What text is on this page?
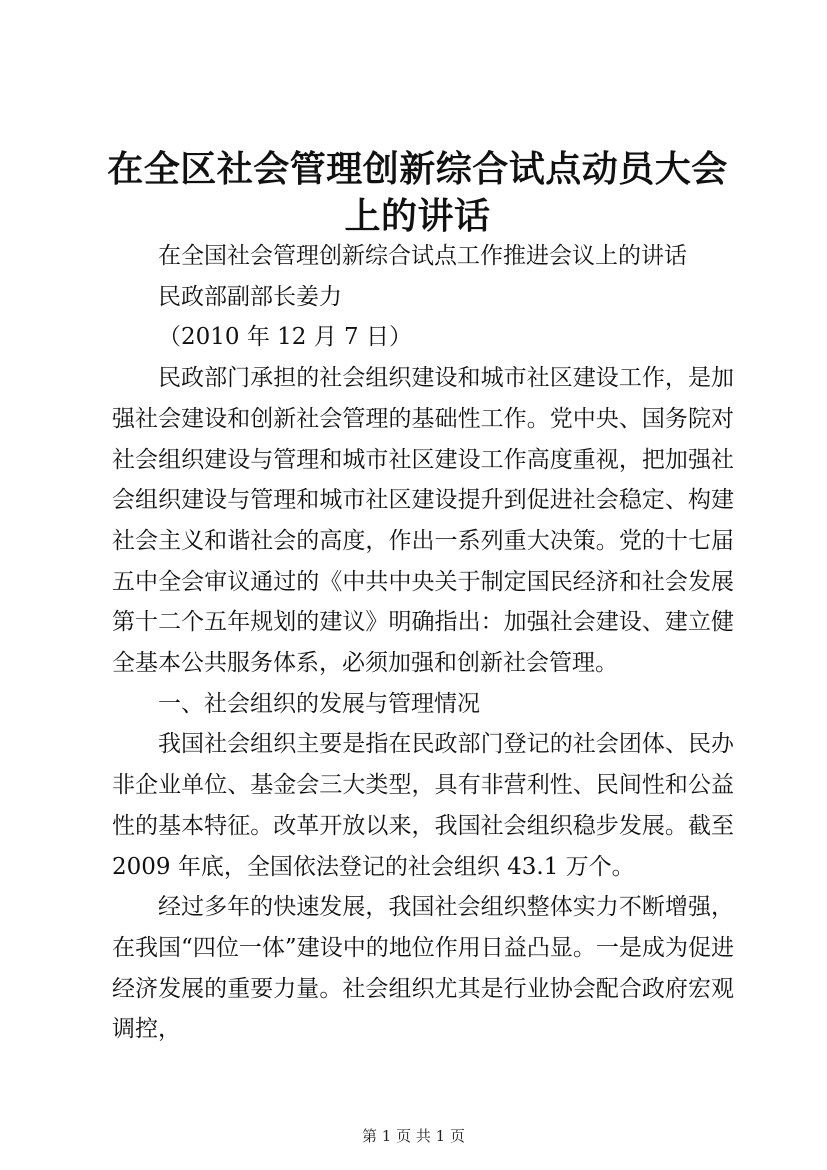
在全区社会管理创新综合试点动员大会上的讲话

在全国社会管理创新综合试点工作推进会议上的讲话

民政部副部长姜力

（2010 年 12 月 7 日）

民政部门承担的社会组织建设和城市社区建设工作，是加强社会建设和创新社会管理的基础性工作。党中央、国务院对社会组织建设与管理和城市社区建设工作高度重视，把加强社会组织建设与管理和城市社区建设提升到促进社会稳定、构建社会主义和谐社会的高度，作出一系列重大决策。党的十七届五中全会审议通过的《中共中央关于制定国民经济和社会发展第十二个五年规划的建议》明确指出：加强社会建设、建立健全基本公共服务体系，必须加强和创新社会管理。

一、社会组织的发展与管理情况

我国社会组织主要是指在民政部门登记的社会团体、民办非企业单位、基金会三大类型，具有非营利性、民间性和公益性的基本特征。改革开放以来，我国社会组织稳步发展。截至 2009 年底，全国依法登记的社会组织 43.1 万个。

经过多年的快速发展，我国社会组织整体实力不断增强，在我国“四位一体”建设中的地位作用日益凸显。一是成为促进经济发展的重要力量。社会组织尤其是行业协会配合政府宏观调控，

第 1 页 共 1 页
